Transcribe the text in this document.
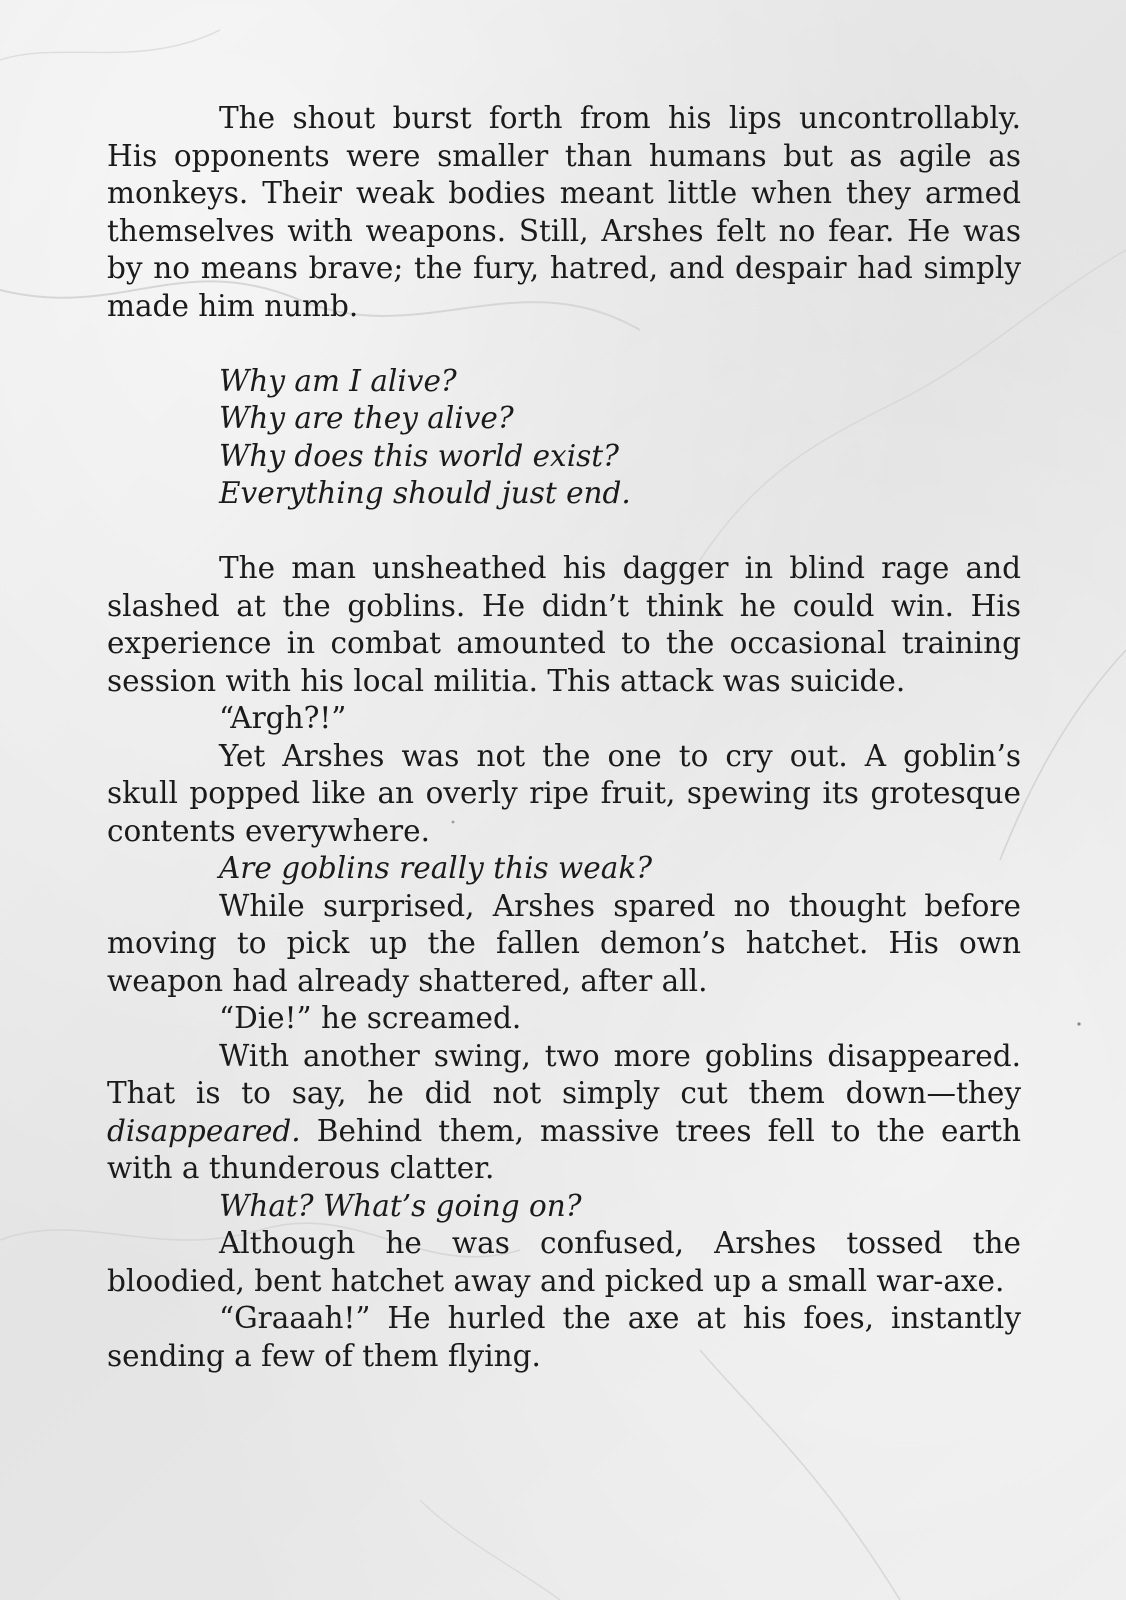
The shout burst forth from his lips uncontrollably. His opponents were smaller than humans but as agile as monkeys. Their weak bodies meant little when they armed themselves with weapons. Still, Arshes felt no fear. He was by no means brave; the fury, hatred, and despair had simply made him numb.

Why am I alive?
Why are they alive?
Why does this world exist?
Everything should just end.

The man unsheathed his dagger in blind rage and slashed at the goblins. He didn’t think he could win. His experience in combat amounted to the occasional training session with his local militia. This attack was suicide.

“Argh?!”

Yet Arshes was not the one to cry out. A goblin’s skull popped like an overly ripe fruit, spewing its grotesque contents everywhere.

Are goblins really this weak?

While surprised, Arshes spared no thought before moving to pick up the fallen demon’s hatchet. His own weapon had already shattered, after all.

“Die!” he screamed.

With another swing, two more goblins disappeared. That is to say, he did not simply cut them down—they disappeared. Behind them, massive trees fell to the earth with a thunderous clatter.

What? What’s going on?

Although he was confused, Arshes tossed the bloodied, bent hatchet away and picked up a small war-axe.

“Graaah!” He hurled the axe at his foes, instantly sending a few of them flying.
